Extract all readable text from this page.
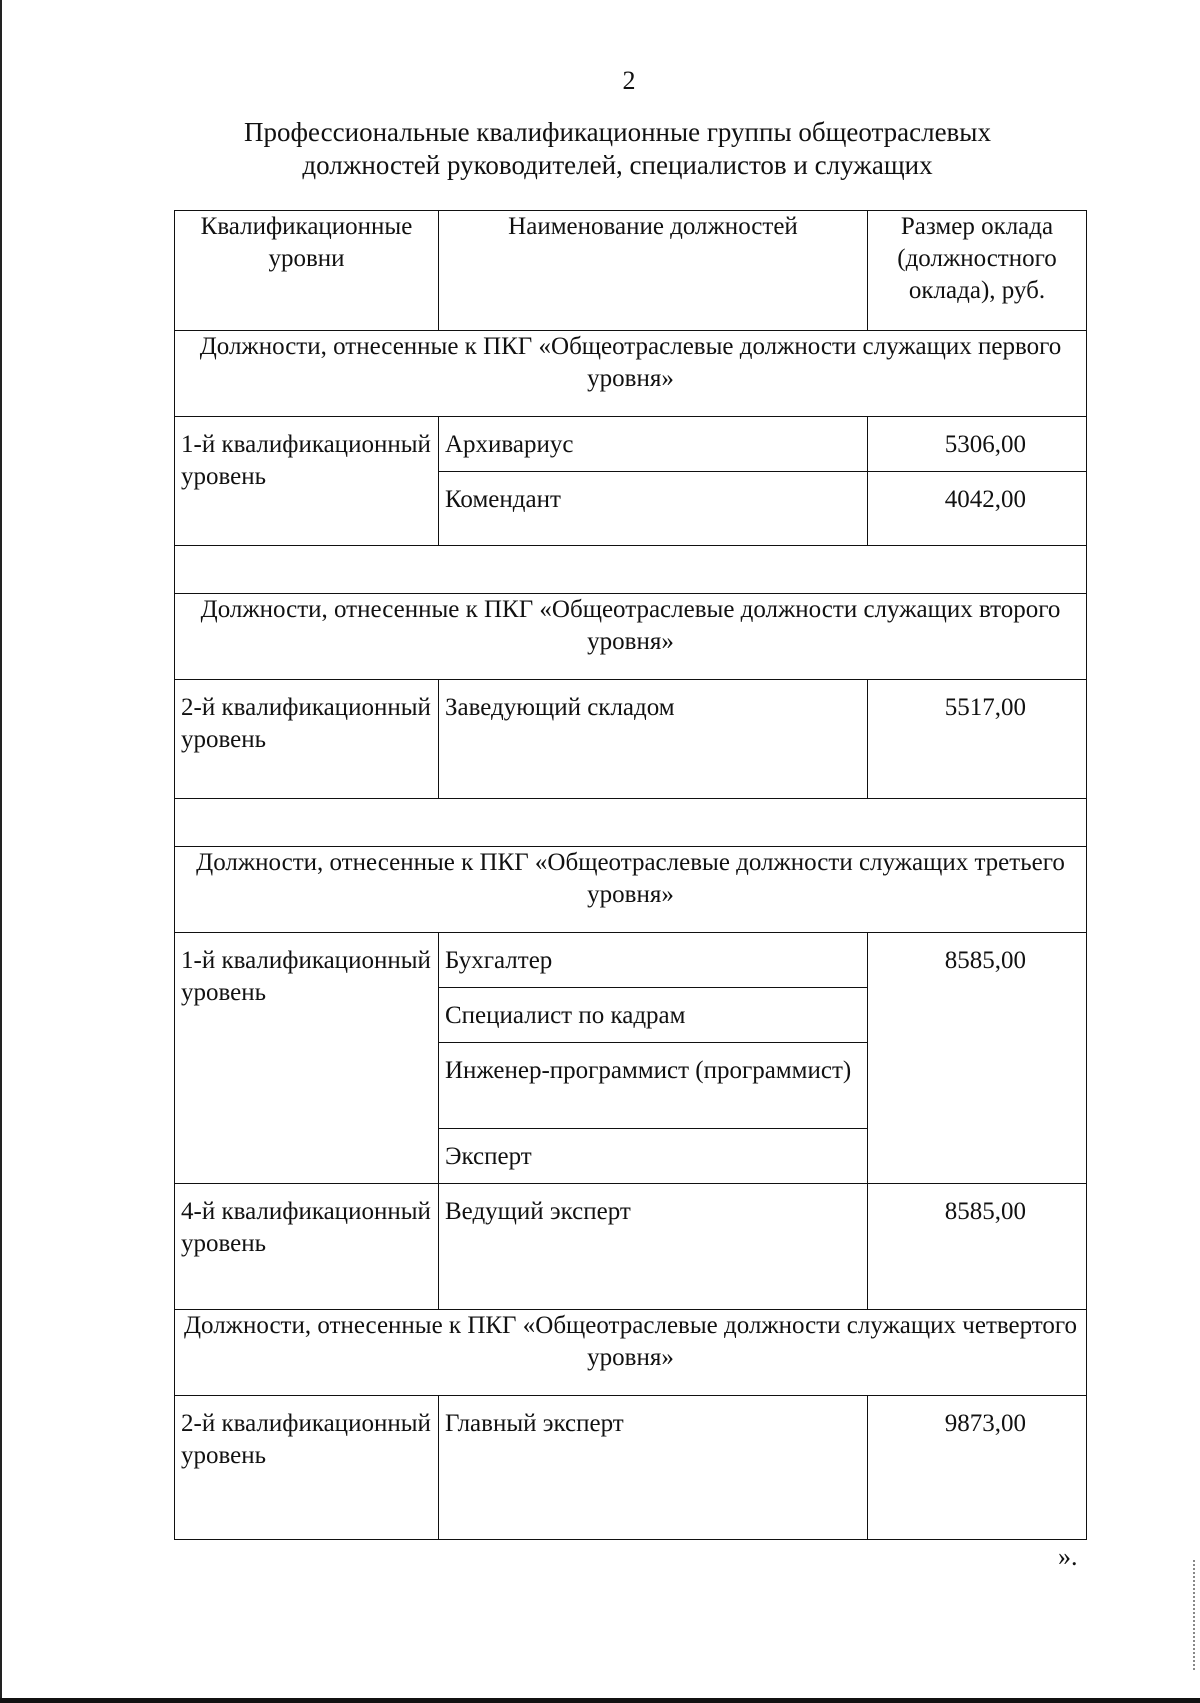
2
Профессиональные квалификационные группы общеотраслевых
должностей руководителей, специалистов и служащих
Квалификационные уровни	Наименование должностей	Размер оклада (должностного оклада), руб.
Должности, отнесенные к ПКГ «Общеотраслевые должности служащих первого уровня»		
1-й квалификационный уровень	Архивариус	5306,00
	Комендант	4042,00

Должности, отнесенные к ПКГ «Общеотраслевые должности служащих второго уровня»		
2-й квалификационный уровень	Заведующий складом	5517,00

Должности, отнесенные к ПКГ «Общеотраслевые должности служащих третьего уровня»		
1-й квалификационный уровень	Бухгалтер	8585,00
	Специалист по кадрам	
	Инженер-программист (программист)	
	Эксперт	
4-й квалификационный уровень	Ведущий эксперт	8585,00
Должности, отнесенные к ПКГ «Общеотраслевые должности служащих четвертого уровня»		
2-й квалификационный уровень	Главный эксперт	9873,00
».
